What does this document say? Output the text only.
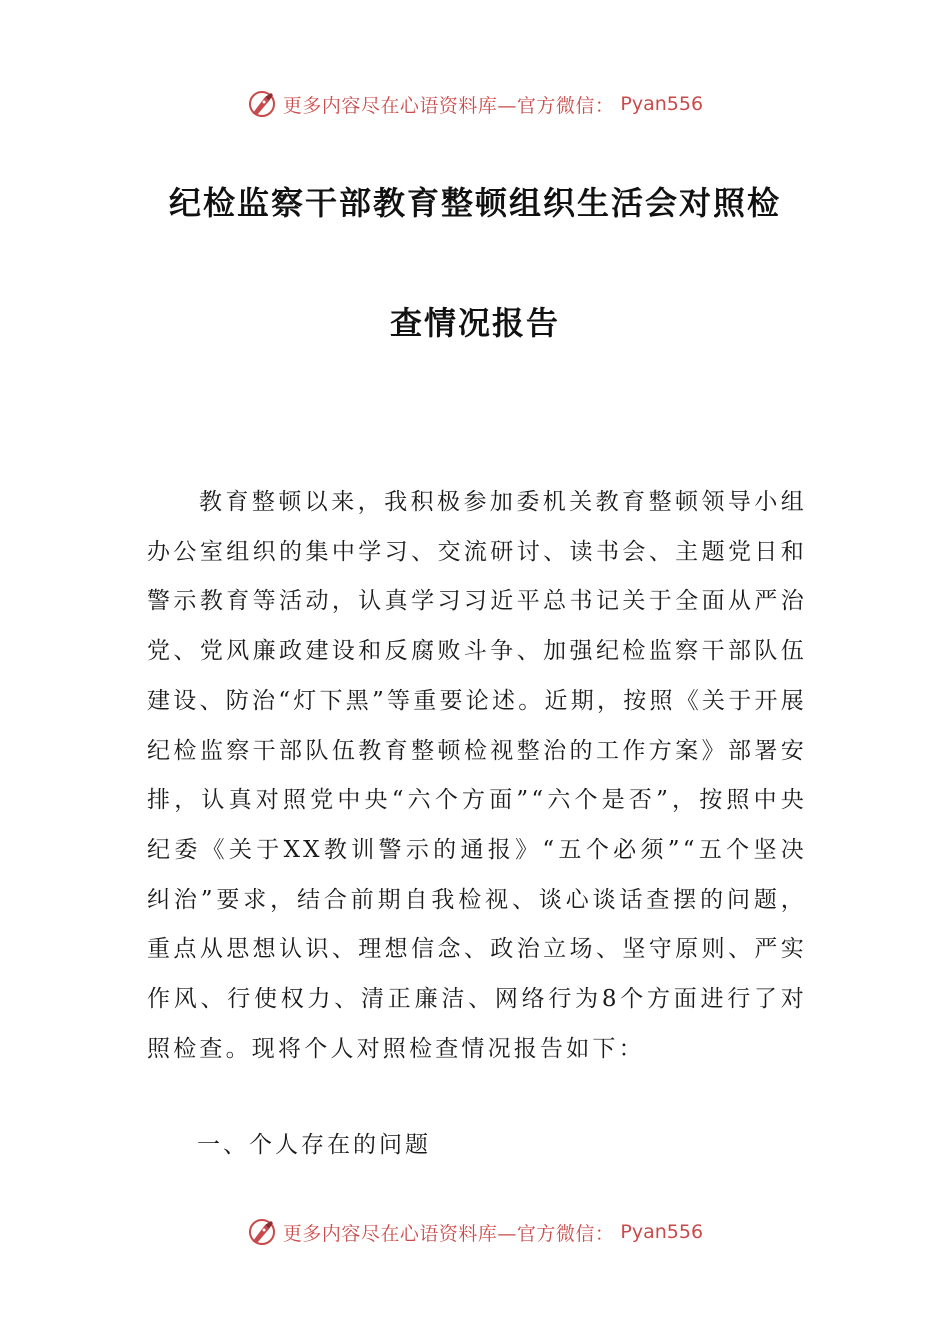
更多内容尽在心语资料库—官方微信： Pyan556
纪检监察干部教育整顿组织生活会对照检
查情况报告

教育整顿以来，我积极参加委机关教育整顿领导小组办公室组织的集中学习、交流研讨、读书会、主题党日和警示教育等活动，认真学习习近平总书记关于全面从严治党、党风廉政建设和反腐败斗争、加强纪检监察干部队伍建设、防治“灯下黑”等重要论述。近期，按照《关于开展纪检监察干部队伍教育整顿检视整治的工作方案》部署安排，认真对照党中央“六个方面”“六个是否”，按照中央纪委《关于XX教训警示的通报》“五个必须”“五个坚决纠治”要求，结合前期自我检视、谈心谈话查摆的问题，重点从思想认识、理想信念、政治立场、坚守原则、严实作风、行使权力、清正廉洁、网络行为8个方面进行了对照检查。现将个人对照检查情况报告如下：

一、个人存在的问题
更多内容尽在心语资料库—官方微信： Pyan556
